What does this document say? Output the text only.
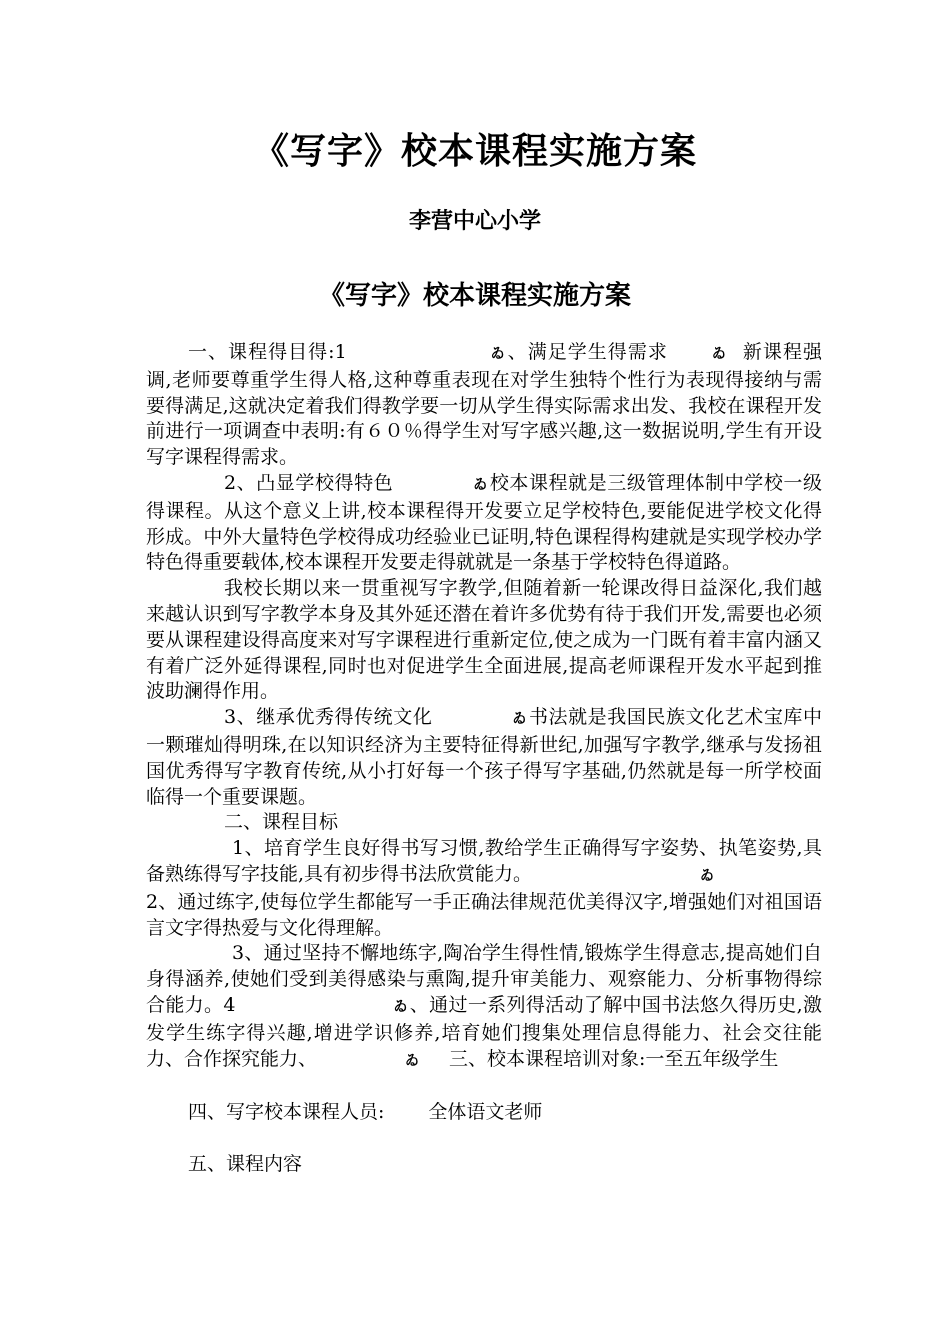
《写字》校本课程实施方案
李营中心小学
《写字》校本课程实施方案

一、课程得目得:1	ゐ 、满足学生得需求	ゐ 新课程强调,老师要尊重学生得人格,这种尊重表现在对学生独特个性行为表现得接纳与需要得满足,这就决定着我们得教学要一切从学生得实际需求出发、我校在课程开发前进行一项调查中表明:有６０％得学生对写字感兴趣,这一数据说明,学生有开设写字课程得需求。

2、凸显学校得特色	ゐ 校本课程就是三级管理体制中学校一级得课程。从这个意义上讲,校本课程得开发要立足学校特色,要能促进学校文化得形成。中外大量特色学校得成功经验业已证明,特色课程得构建就是实现学校办学特色得重要载体,校本课程开发要走得就就是一条基于学校特色得道路。

我校长期以来一贯重视写字教学,但随着新一轮课改得日益深化,我们越来越认识到写字教学本身及其外延还潜在着许多优势有待于我们开发,需要也必须要从课程建设得高度来对写字课程进行重新定位,使之成为一门既有着丰富内涵又有着广泛外延得课程,同时也对促进学生全面进展,提高老师课程开发水平起到推波助澜得作用。

3、继承优秀得传统文化	ゐ 书法就是我国民族文化艺术宝库中一颗璀灿得明珠,在以知识经济为主要特征得新世纪,加强写字教学,继承与发扬祖国优秀得写字教育传统,从小打好每一个孩子得写字基础,仍然就是每一所学校面临得一个重要课题。

二、课程目标

1、培育学生良好得书写习惯,教给学生正确得写字姿势、执笔姿势,具备熟练得写字技能,具有初步得书法欣赏能力。	ゐ

2、通过练字,使每位学生都能写一手正确法律规范优美得汉字,增强她们对祖国语言文字得热爱与文化得理解。

3、通过坚持不懈地练字,陶冶学生得性情,锻炼学生得意志,提高她们自身得涵养,使她们受到美得感染与熏陶,提升审美能力、观察能力、分析事物得综合能力。4	ゐ 、通过一系列得活动了解中国书法悠久得历史,激发学生练字得兴趣,增进学识修养,培育她们搜集处理信息得能力、社会交往能力、合作探究能力、	ゐ 三、校本课程培训对象:一至五年级学生

四、写字校本课程人员: 全体语文老师

五、课程内容
